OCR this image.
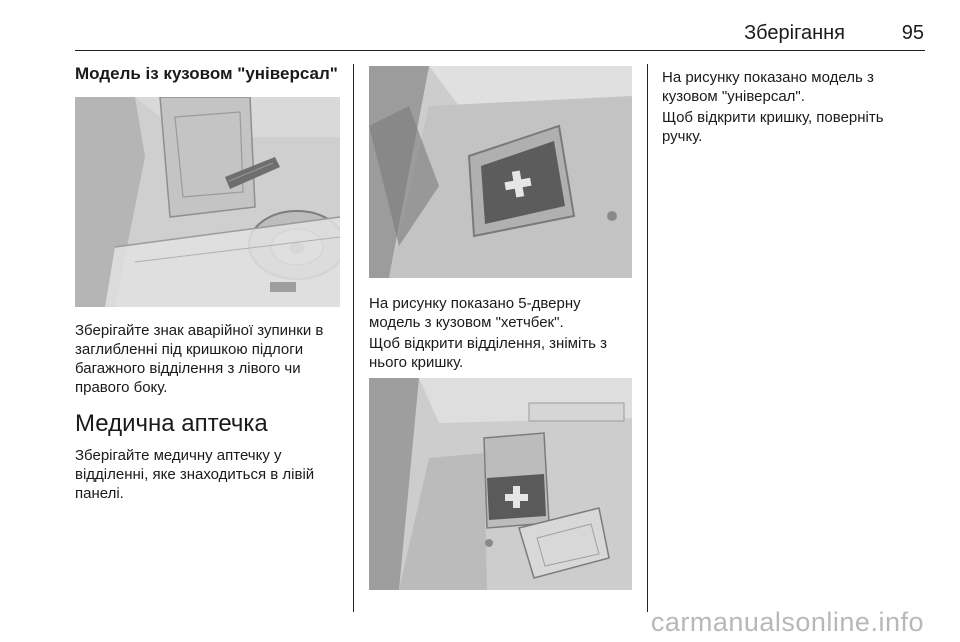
Зберігання	95
Модель із кузовом "універсал"

Зберігайте знак аварійної зупинки в заглибленні під кришкою підлоги багажного відділення з лівого чи правого боку.

Медична аптечка

Зберігайте медичну аптечку у відділенні, яке знаходиться в лівій панелі.

На рисунку показано 5-дверну модель з кузовом "хетчбек".

Щоб відкрити відділення, зніміть з нього кришку.

На рисунку показано модель з кузовом "універсал".

Щоб відкрити кришку, поверніть ручку.

carmanualsonline.info
